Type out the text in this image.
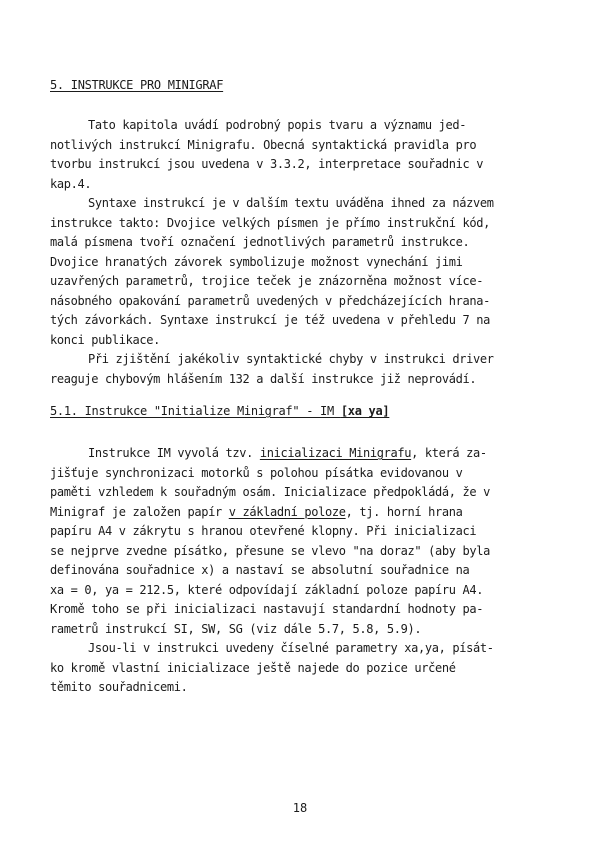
5. INSTRUKCE PRO MINIGRAF
Tato kapitola uvádí podrobný popis tvaru a významu jed-
notlivých instrukcí Minigrafu. Obecná syntaktická pravidla pro
tvorbu instrukcí jsou uvedena v 3.3.2, interpretace souřadnic v
kap.4.
Syntaxe instrukcí je v dalším textu uváděna ihned za názvem
instrukce takto: Dvojice velkých písmen je přímo instrukční kód,
malá písmena tvoří označení jednotlivých parametrů instrukce.
Dvojice hranatých závorek symbolizuje možnost vynechání jimi
uzavřených parametrů, trojice teček je znázorněna možnost více-
násobného opakování parametrů uvedených v předcházejících hrana-
tých závorkách. Syntaxe instrukcí je též uvedena v přehledu 7 na
konci publikace.
Při zjištění jakékoliv syntaktické chyby v instrukci driver
reaguje chybovým hlášením 132 a další instrukce již neprovádí.
5.1. Instrukce "Initialize Minigraf" - IM [xa ya]
Instrukce IM vyvolá tzv. inicializaci Minigrafu, která za-
jišťuje synchronizaci motorků s polohou písátka evidovanou v
paměti vzhledem k souřadným osám. Inicializace předpokládá, že v
Minigraf je založen papír v základní poloze, tj. horní hrana
papíru A4 v zákrytu s hranou otevřené klopny. Při inicializaci
se nejprve zvedne písátko, přesune se vlevo "na doraz" (aby byla
definována souřadnice x) a nastaví se absolutní souřadnice na
xa = 0, ya = 212.5, které odpovídají základní poloze papíru A4.
Kromě toho se při inicializaci nastavují standardní hodnoty pa-
rametrů instrukcí SI, SW, SG (viz dále 5.7, 5.8, 5.9).
Jsou-li v instrukci uvedeny číselné parametry xa,ya, písát-
ko kromě vlastní inicializace ještě najede do pozice určené
těmito souřadnicemi.
18
